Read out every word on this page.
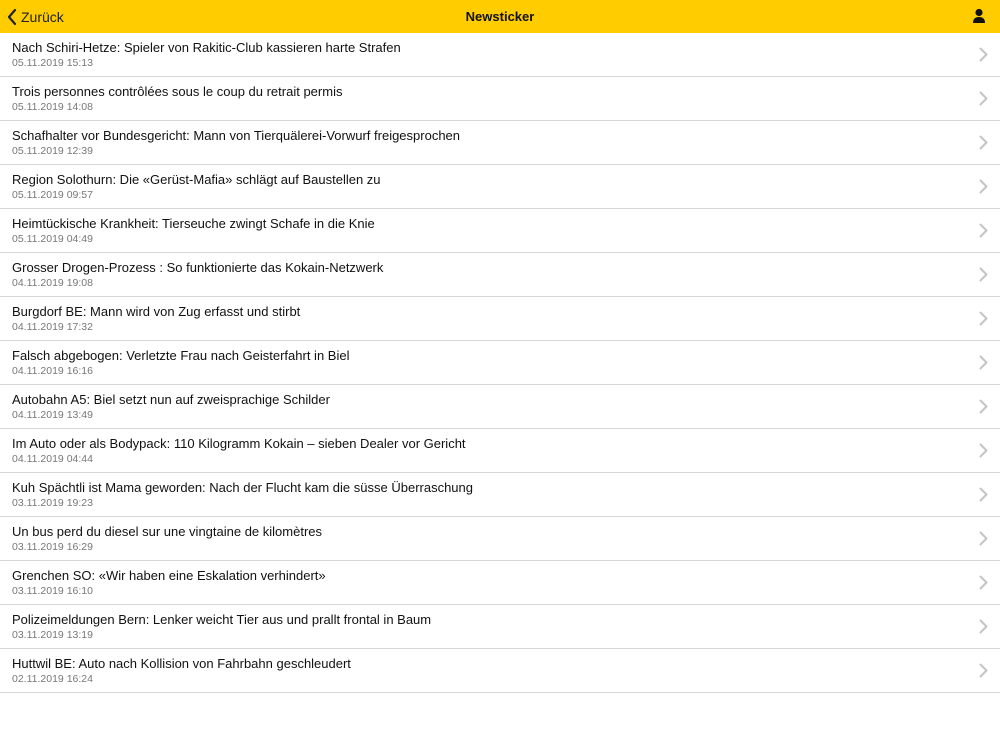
Zurück	Newsticker
Nach Schiri-Hetze: Spieler von Rakitic-Club kassieren harte Strafen
05.11.2019 15:13
Trois personnes contrôlées sous le coup du retrait permis
05.11.2019 14:08
Schafhalter vor Bundesgericht: Mann von Tierquälerei-Vorwurf freigesprochen
05.11.2019 12:39
Region Solothurn: Die «Gerüst-Mafia» schlägt auf Baustellen zu
05.11.2019 09:57
Heimtückische Krankheit: Tierseuche zwingt Schafe in die Knie
05.11.2019 04:49
Grosser Drogen-Prozess : So funktionierte das Kokain-Netzwerk
04.11.2019 19:08
Burgdorf BE: Mann wird von Zug erfasst und stirbt
04.11.2019 17:32
Falsch abgebogen: Verletzte Frau nach Geisterfahrt in Biel
04.11.2019 16:16
Autobahn A5: Biel setzt nun auf zweisprachige Schilder
04.11.2019 13:49
Im Auto oder als Bodypack: 110 Kilogramm Kokain – sieben Dealer vor Gericht
04.11.2019 04:44
Kuh Spächtli ist Mama geworden: Nach der Flucht kam die süsse Überraschung
03.11.2019 19:23
Un bus perd du diesel sur une vingtaine de kilomètres
03.11.2019 16:29
Grenchen SO: «Wir haben eine Eskalation verhindert»
03.11.2019 16:10
Polizeimeldungen Bern: Lenker weicht Tier aus und prallt frontal in Baum
03.11.2019 13:19
Huttwil BE: Auto nach Kollision von Fahrbahn geschleudert
02.11.2019 16:24
